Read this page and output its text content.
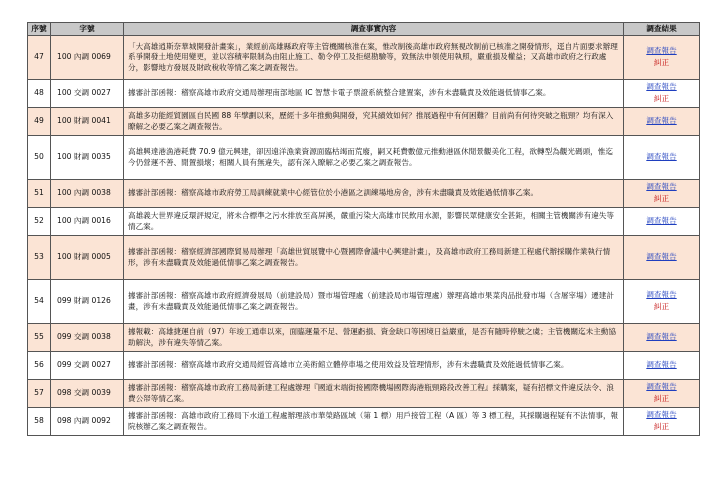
序號	字號	調查事實內容	調查結果
47	100 內調 0069	「大高雄逍斯奈華城開發計畫案」，業經前高雄縣政府等主管機關核准在案，惟改制後高雄市政府無視改制前已核准之開發情形，逕自片面要求辦理系爭開發土地使用變更，並以容積率限制為由阻止施工、勒令停工及拒絕勘驗等，致無法申領使用執照，嚴重損及權益；又高雄市政府之行政處分，影響地方發展及財政稅收等情乙案之調查報告。	調查報告
糾正

48	100 交調 0027	據審計部函報：稽察高雄市政府交通局辦理南部地區 IC 智慧卡電子票證系統整合建置案，涉有未盡職責及效能過低情事乙案。	調查報告
糾正

49	100 財調 0041	高雄多功能經貿園區自民國 88 年擘劃以來，歷經十多年推動與開發，究其績效如何？推展過程中有何困難？目前尚有何待突破之瓶頸？均有深入瞭解之必要乙案之調查報告。	調查報告

50	100 財調 0035	高雄興達港漁港耗費 70.9 億元興建，卻因遠洋漁業資源面臨枯竭而荒廢，嗣又耗費數億元推動港區休閒景觀美化工程，欲轉型為觀光碼頭，惟迄今仍營運不善、閒置損壞；相關人員有無違失，認有深入瞭解之必要乙案之調查報告。	調查報告

51	100 內調 0038	據審計部函報：稽察高雄市政府勞工局訓練就業中心經管位於小港區之訓練場地房舍，涉有未盡職責及效能過低情事乙案。	調查報告
糾正

52	100 內調 0016	高雄義大世界違反環評規定，將未合標準之污水排放至高屏溪，嚴重污染大高雄市民飲用水源，影響民眾健康安全甚鉅，相關主管機關涉有違失等情乙案。	調查報告

53	100 財調 0005	據審計部函報：稽察經濟部國際貿易局辦理「高雄世貿展覽中心暨國際會議中心興建計畫」，及高雄市政府工務局新建工程處代辦採購作業執行情形，涉有未盡職責及效能過低情事乙案之調查報告。	調查報告

54	099 財調 0126	據審計部函報：稽察高雄市政府經濟發展局（前建設局）暨市場管理處（前建設局市場管理處）辦理高雄市果菜肉品批發市場（含屠宰場）遷建計畫，涉有未盡職責及效能過低情事乙案之調查報告。	調查報告
糾正

55	099 交調 0038	據報載：高雄捷運自前（97）年竣工通車以來，面臨運量不足、營運虧損、資金缺口等困境日益嚴重，是否有隨時停駛之虞；主管機關迄未主動協助解決，涉有違失等情乙案。	調查報告

56	099 交調 0027	據審計部函報：稽察高雄市政府交通局經管高雄市立美術館立體停車場之使用效益及管理情形，涉有未盡職責及效能過低情事乙案。	調查報告

57	098 交調 0039	據審計部函報：稽察高雄市政府工務局新建工程處辦理『國道末端街接國際機場國際海港瓶頸路段改善工程』採購案，疑有招標文件違反法令、浪費公帑等情乙案。	調查報告
糾正

58	098 內調 0092	據審計部函報：高雄市政府工務局下水道工程處辦理該市華榮路區域（第 1 標）用戶接管工程（A 區）等 3 標工程，其採購過程疑有不法情事，報院核辦乙案之調查報告。	調查報告
糾正
